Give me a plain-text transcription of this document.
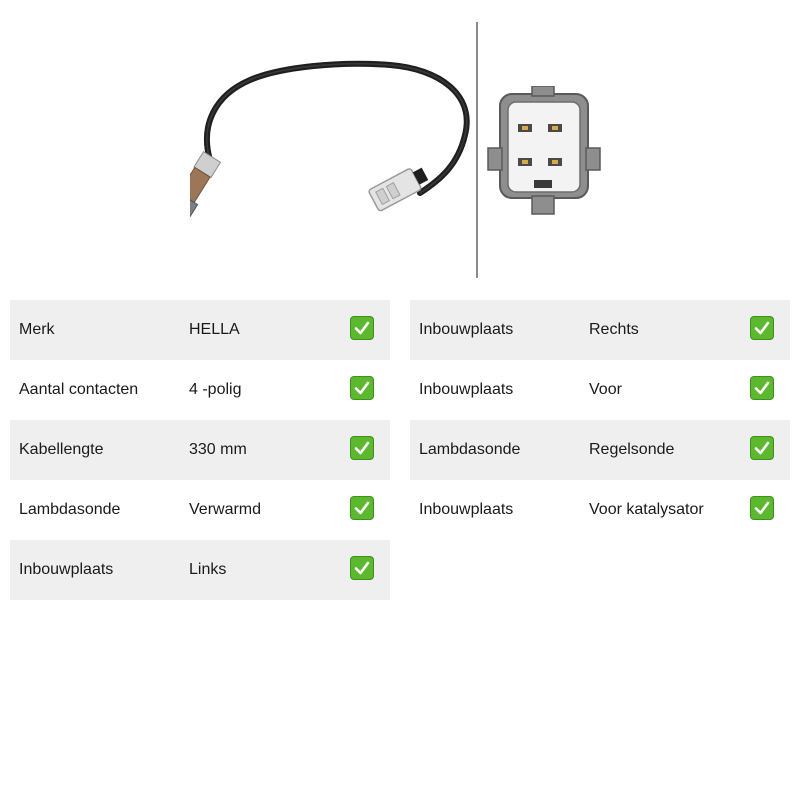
Merk	HELLA
Aantal contacten	4 -polig
Kabellengte	330 mm
Lambdasonde	Verwarmd
Inbouwplaats	Links
Inbouwplaats	Rechts
Inbouwplaats	Voor
Lambdasonde	Regelsonde
Inbouwplaats	Voor katalysator
